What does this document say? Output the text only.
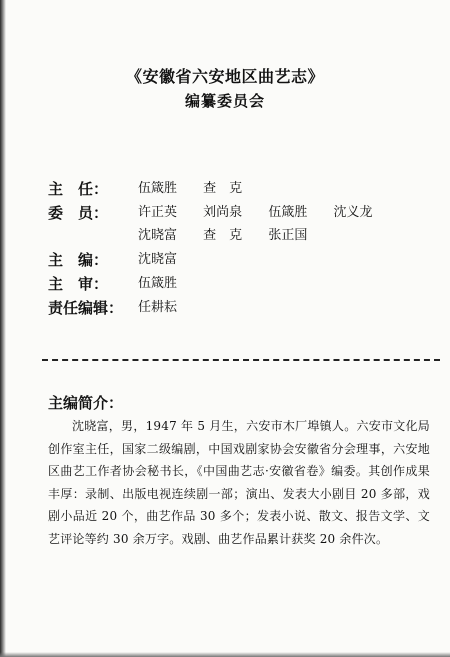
《安徽省六安地区曲艺志》
编纂委员会
主　任： 伍箴胜 查　克
委　员： 许正英 刘尚泉 伍箴胜 沈义龙
沈晓富 查　克 张正国
主　编： 沈晓富
主　审： 伍箴胜
责任编辑： 任耕耘
主编简介：
沈晓富，男，1947 年 5 月生，六安市木厂埠镇人。六安市文化局创作室主任，国家二级编剧，中国戏剧家协会安徽省分会理事，六安地区曲艺工作者协会秘书长，《中国曲艺志·安徽省卷》编委。其创作成果丰厚：录制、出版电视连续剧一部；演出、发表大小剧目 20 多部，戏剧小品近 20 个，曲艺作品 30 多个；发表小说、散文、报告文学、文艺评论等约 30 余万字。戏剧、曲艺作品累计获奖 20 余件次。
